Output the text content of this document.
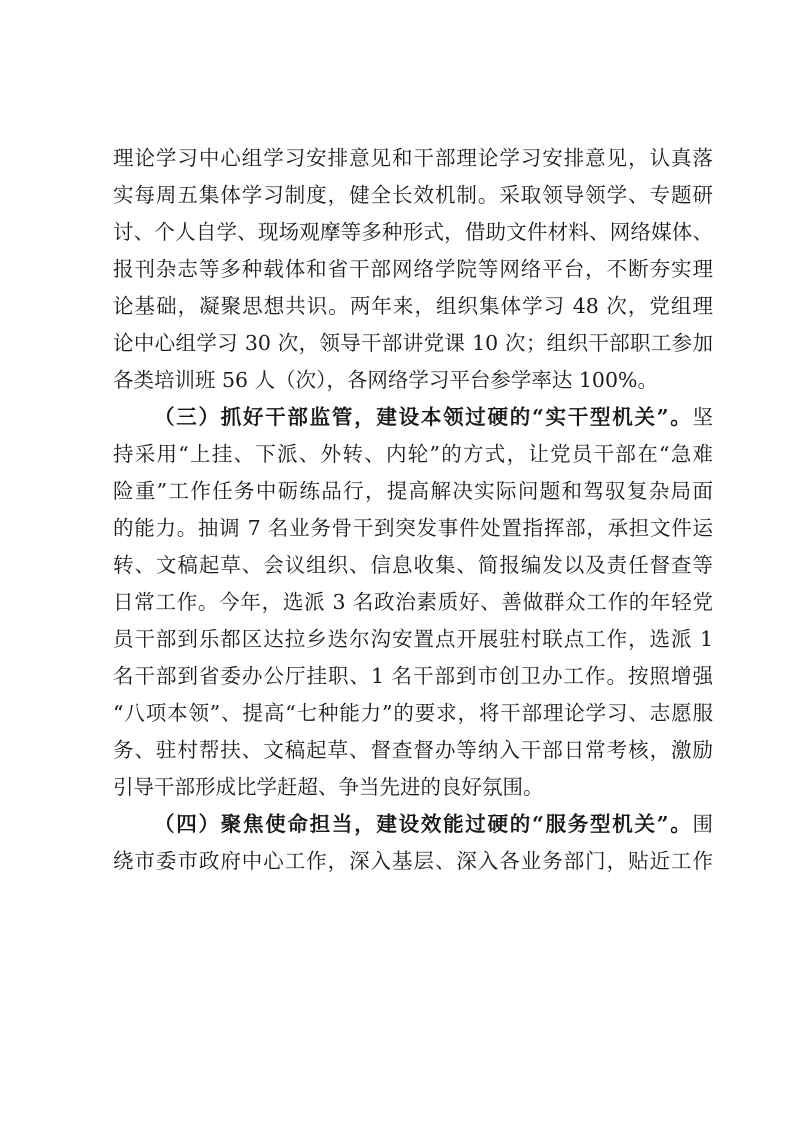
理论学习中心组学习安排意见和干部理论学习安排意见，认真落
实每周五集体学习制度，健全长效机制。采取领导领学、专题研
讨、个人自学、现场观摩等多种形式，借助文件材料、网络媒体、
报刊杂志等多种载体和省干部网络学院等网络平台，不断夯实理
论基础，凝聚思想共识。两年来，组织集体学习 48 次，党组理
论中心组学习 30 次，领导干部讲党课 10 次；组织干部职工参加
各类培训班 56 人（次），各网络学习平台参学率达 100%。
（三）抓好干部监管，建设本领过硬的“实干型机关”。坚
持采用“上挂、下派、外转、内轮”的方式，让党员干部在“急难
险重”工作任务中砺练品行，提高解决实际问题和驾驭复杂局面
的能力。抽调 7 名业务骨干到突发事件处置指挥部，承担文件运
转、文稿起草、会议组织、信息收集、简报编发以及责任督查等
日常工作。今年，选派 3 名政治素质好、善做群众工作的年轻党
员干部到乐都区达拉乡迭尔沟安置点开展驻村联点工作，选派 1
名干部到省委办公厅挂职、1 名干部到市创卫办工作。按照增强
“八项本领”、提高“七种能力”的要求，将干部理论学习、志愿服
务、驻村帮扶、文稿起草、督查督办等纳入干部日常考核，激励
引导干部形成比学赶超、争当先进的良好氛围。
（四）聚焦使命担当，建设效能过硬的“服务型机关”。围
绕市委市政府中心工作，深入基层、深入各业务部门，贴近工作
